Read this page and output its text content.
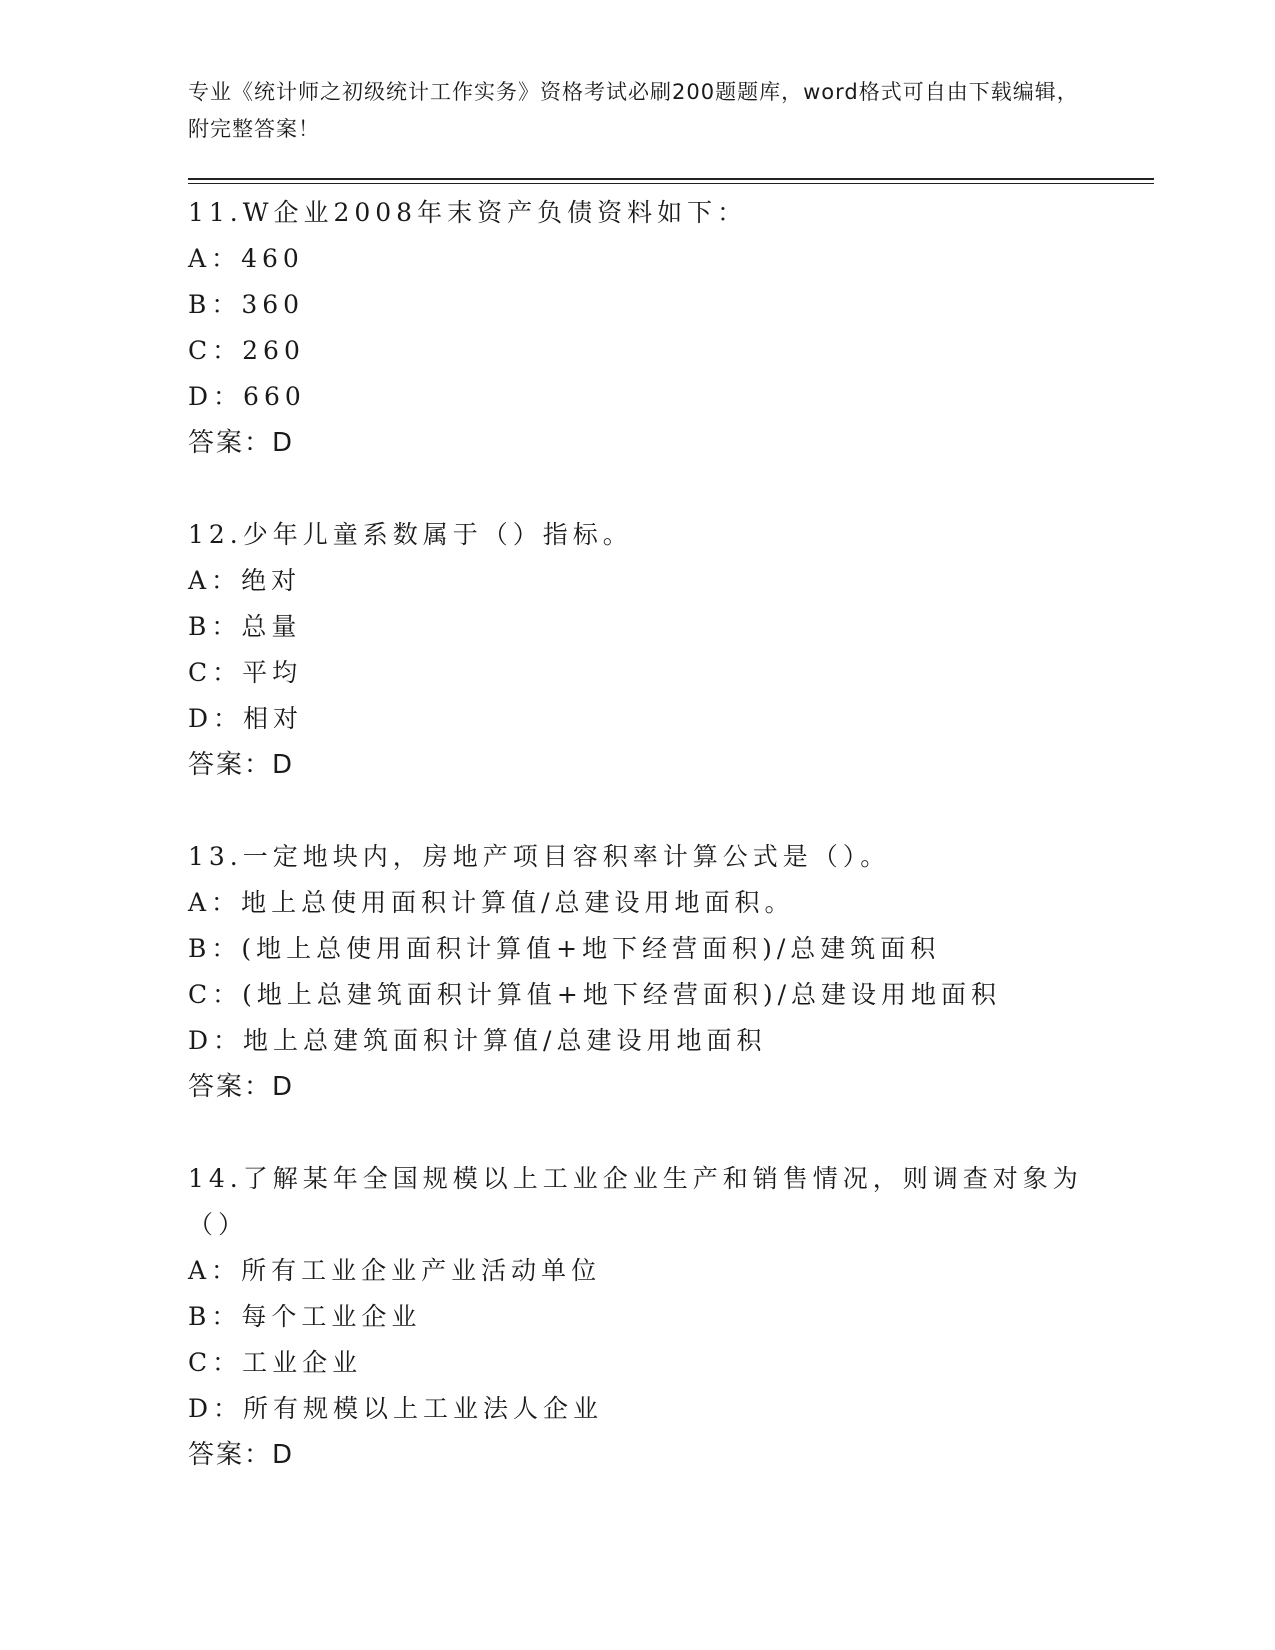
专业《统计师之初级统计工作实务》资格考试必刷200题题库，word格式可自由下载编辑，附完整答案！
11.W企业2008年末资产负债资料如下：
A：460
B：360
C：260
D：660
答案：D
12.少年儿童系数属于（）指标。
A：绝对
B：总量
C：平均
D：相对
答案：D
13.一定地块内，房地产项目容积率计算公式是（）。
A：地上总使用面积计算值/总建设用地面积。
B：(地上总使用面积计算值+地下经营面积)/总建筑面积
C：(地上总建筑面积计算值+地下经营面积)/总建设用地面积
D：地上总建筑面积计算值/总建设用地面积
答案：D
14.了解某年全国规模以上工业企业生产和销售情况，则调查对象为（）
A：所有工业企业产业活动单位
B：每个工业企业
C：工业企业
D：所有规模以上工业法人企业
答案：D
